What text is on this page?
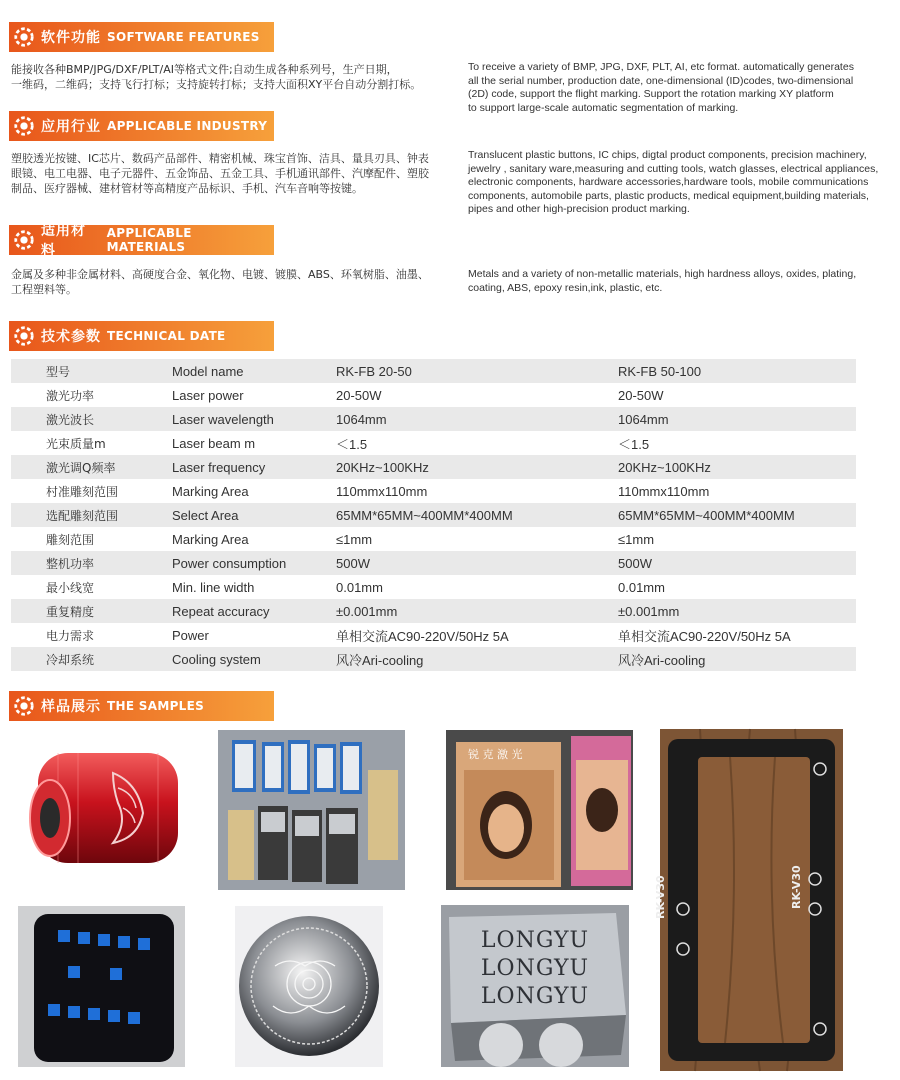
软件功能 SOFTWARE FEATURES
能接收各种BMP/JPG/DXF/PLT/AI等格式文件;自动生成各种系列号，生产日期，
一维码，二维码；支持飞行打标；支持旋转打标；支持大面积XY平台自动分割打标。
To receive a variety of BMP, JPG, DXF, PLT, AI, etc format. automatically generates
all the serial number, production date, one-dimensional (ID)codes, two-dimensional
(2D) code, support the flight marking. Support the rotation marking XY platform
to support large-scale automatic segmentation of marking.
应用行业 APPLICABLE INDUSTRY
塑胶透光按键、IC芯片、数码产品部件、精密机械、珠宝首饰、洁具、量具刃具、钟表
眼镜、电工电器、电子元器件、五金饰品、五金工具、手机通讯部件、汽摩配件、塑胶
制品、医疗器械、建材管材等高精度产品标识、手机、汽车音响等按键。
Translucent plastic buttons, IC chips, digtal product components, precision machinery,
jewelry , sanitary ware,measuring and cutting tools, watch glasses, electrical appliances,
electronic components, hardware accessories,hardware tools, mobile communications
components, automobile parts, plastic products, medical equipment,building materials,
pipes and other high-precision product marking.
适用材料
APPLICABLE MATERIALS
金属及多种非金属材料、高硬度合金、氧化物、电镀、镀膜、ABS、环氧树脂、油墨、
工程塑料等。
Metals and a variety of non-metallic materials, high hardness alloys, oxides, plating,
coating, ABS, epoxy resin,ink, plastic, etc.
技术参数 TECHNICAL DATE
型号	Model name	RK-FB 20-50	RK-FB 50-100
激光功率	Laser power	20-50W	20-50W
激光波长	Laser wavelength	1064mm	1064mm
光束质量m	Laser beam m	＜1.5	＜1.5
激光调Q频率	Laser frequency	20KHz~100KHz	20KHz~100KHz
村准雕刻范围	Marking Area	110mmx110mm	110mmx110mm
选配雕刻范围	Select Area	65MM*65MM~400MM*400MM	65MM*65MM~400MM*400MM
雕刻范围	Marking Area	≤1mm	≤1mm
整机功率	Power consumption	500W	500W
最小线宽	Min. line width	0.01mm	0.01mm
重复精度	Repeat accuracy	±0.001mm	±0.001mm
电力需求	Power	单相交流AC90-220V/50Hz 5A	单相交流AC90-220V/50Hz 5A
冷却系统	Cooling system	风冷Ari-cooling	风冷Ari-cooling
样品展示 THE SAMPLES
锐 克 激 光
RK-V30	RK-V30
LONGYU
LONGYU
LONGYU
